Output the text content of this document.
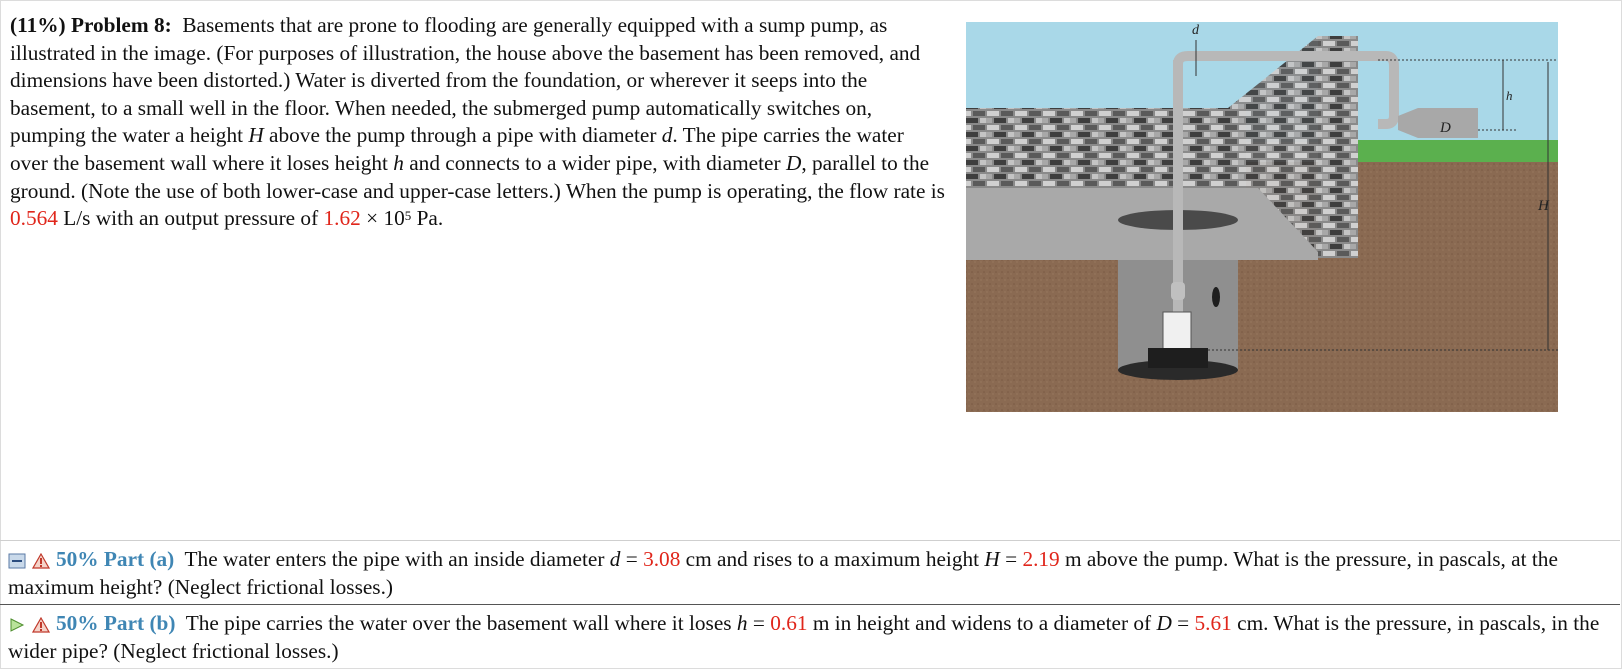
(11%) Problem 8: Basements that are prone to flooding are generally equipped with a sump pump, as illustrated in the image. (For purposes of illustration, the house above the basement has been removed, and dimensions have been distorted.) Water is diverted from the foundation, or wherever it seeps into the basement, to a small well in the floor. When needed, the submerged pump automatically switches on, pumping the water a height H above the pump through a pipe with diameter d. The pipe carries the water over the basement wall where it loses height h and connects to a wider pipe, with diameter D, parallel to the ground. (Note the use of both lower-case and upper-case letters.) When the pump is operating, the flow rate is 0.564 L/s with an output pressure of $1.62 \times 10^5$ Pa.
d
h
D
H
50% Part (a) The water enters the pipe with an inside diameter d = 3.08 cm and rises to a maximum height H = 2.19 m above the pump. What is the pressure, in pascals, at the maximum height? (Neglect frictional losses.)
50% Part (b) The pipe carries the water over the basement wall where it loses h = 0.61 m in height and widens to a diameter of D = 5.61 cm. What is the pressure, in pascals, in the wider pipe? (Neglect frictional losses.)
